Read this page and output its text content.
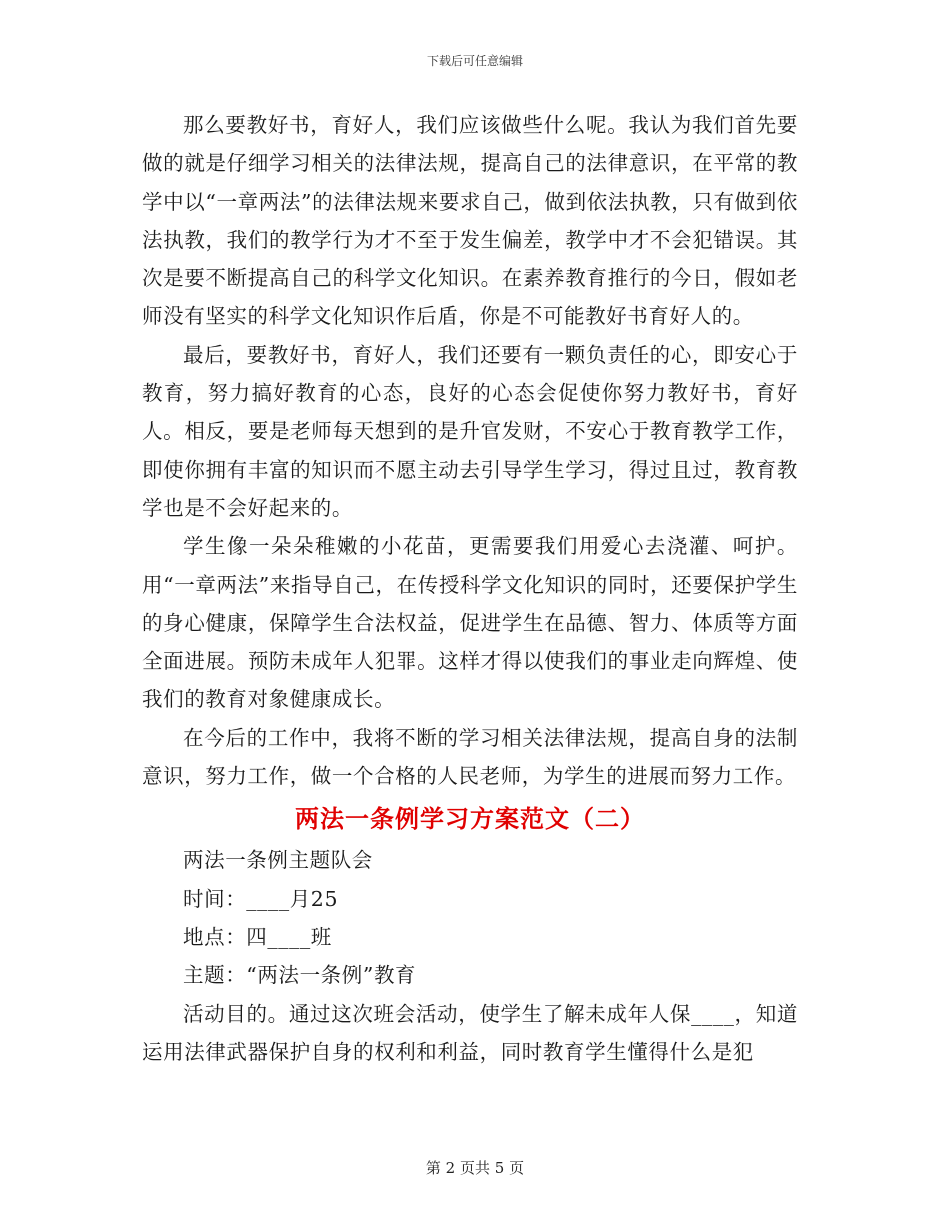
下载后可任意编辑

那么要教好书，育好人，我们应该做些什么呢。我认为我们首先要做的就是仔细学习相关的法律法规，提高自己的法律意识，在平常的教学中以“一章两法”的法律法规来要求自己，做到依法执教，只有做到依法执教，我们的教学行为才不至于发生偏差，教学中才不会犯错误。其次是要不断提高自己的科学文化知识。在素养教育推行的今日，假如老师没有坚实的科学文化知识作后盾，你是不可能教好书育好人的。

最后，要教好书，育好人，我们还要有一颗负责任的心，即安心于教育，努力搞好教育的心态，良好的心态会促使你努力教好书，育好人。相反，要是老师每天想到的是升官发财，不安心于教育教学工作，即使你拥有丰富的知识而不愿主动去引导学生学习，得过且过，教育教学也是不会好起来的。

学生像一朵朵稚嫩的小花苗，更需要我们用爱心去浇灌、呵护。用“一章两法”来指导自己，在传授科学文化知识的同时，还要保护学生的身心健康，保障学生合法权益，促进学生在品德、智力、体质等方面全面进展。预防未成年人犯罪。这样才得以使我们的事业走向辉煌、使我们的教育对象健康成长。

在今后的工作中，我将不断的学习相关法律法规，提高自身的法制意识，努力工作，做一个合格的人民老师，为学生的进展而努力工作。

两法一条例学习方案范文（二）

两法一条例主题队会

时间：____月25

地点：四____班

主题：“两法一条例”教育

活动目的。通过这次班会活动，使学生了解未成年人保____，知道运用法律武器保护自身的权利和利益，同时教育学生懂得什么是犯

第 2 页共 5 页
